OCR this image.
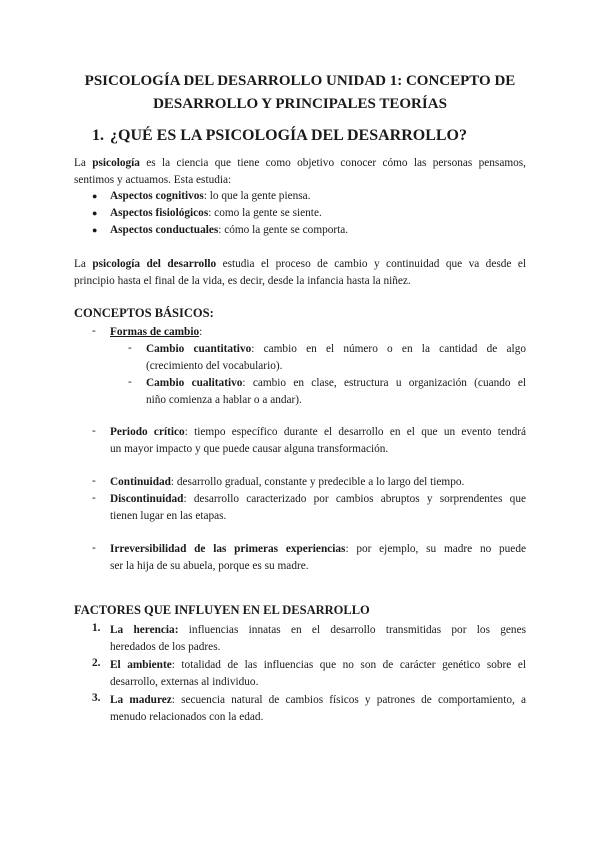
PSICOLOGÍA DEL DESARROLLO UNIDAD 1: CONCEPTO DE
DESARROLLO Y PRINCIPALES TEORÍAS
1. ¿QUÉ ES LA PSICOLOGÍA DEL DESARROLLO?
La psicología es la ciencia que tiene como objetivo conocer cómo las personas pensamos,
sentimos y actuamos. Esta estudia:
● Aspectos cognitivos: lo que la gente piensa.
● Aspectos fisiológicos: como la gente se siente.
● Aspectos conductuales: cómo la gente se comporta.
La psicología del desarrollo estudia el proceso de cambio y continuidad que va desde el
principio hasta el final de la vida, es decir, desde la infancia hasta la niñez.
CONCEPTOS BÁSICOS:
- Formas de cambio:
- Cambio cuantitativo: cambio en el número o en la cantidad de algo
(crecimiento del vocabulario).
- Cambio cualitativo: cambio en clase, estructura u organización (cuando el
niño comienza a hablar o a andar).
- Periodo crítico: tiempo específico durante el desarrollo en el que un evento tendrá
un mayor impacto y que puede causar alguna transformación.
- Continuidad: desarrollo gradual, constante y predecible a lo largo del tiempo.
- Discontinuidad: desarrollo caracterizado por cambios abruptos y sorprendentes que
tienen lugar en las etapas.
- Irreversibilidad de las primeras experiencias: por ejemplo, su madre no puede
ser la hija de su abuela, porque es su madre.
FACTORES QUE INFLUYEN EN EL DESARROLLO
1. La herencia: influencias innatas en el desarrollo transmitidas por los genes
heredados de los padres.
2. El ambiente: totalidad de las influencias que no son de carácter genético sobre el
desarrollo, externas al individuo.
3. La madurez: secuencia natural de cambios físicos y patrones de comportamiento, a
menudo relacionados con la edad.
